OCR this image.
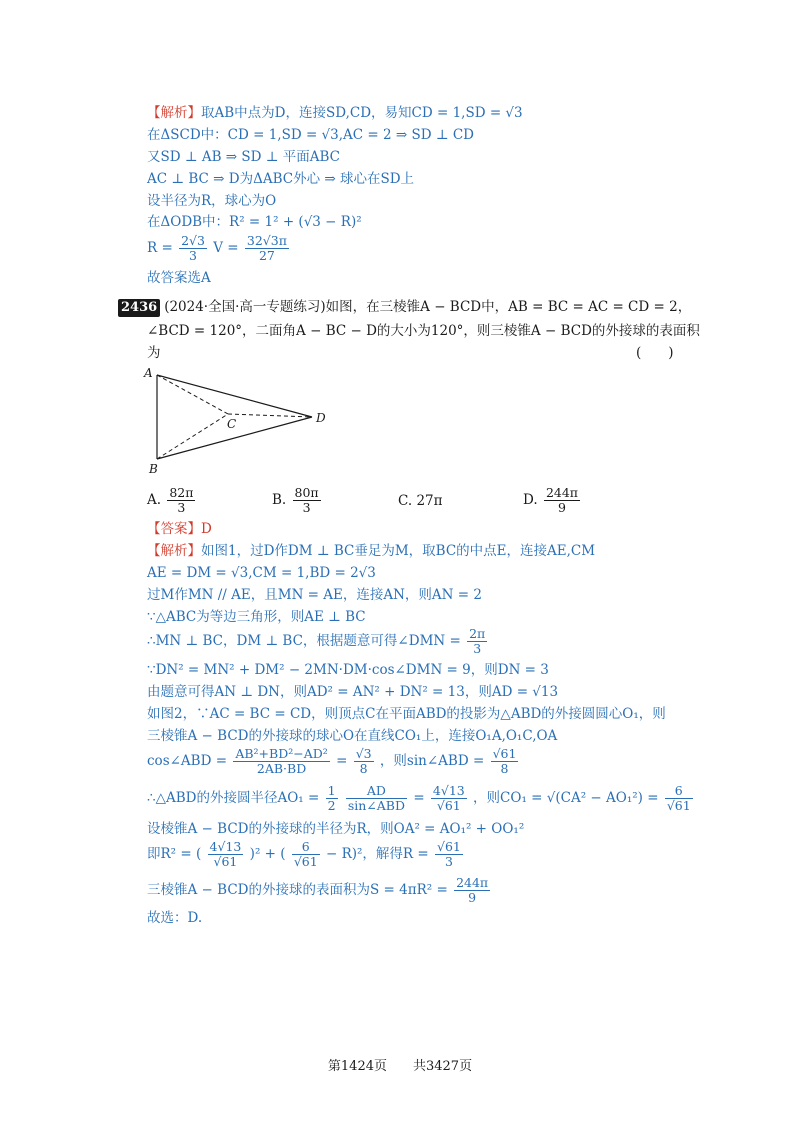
【解析】取AB中点为D，连接SD,CD，易知CD = 1,SD = √3
在ΔSCD中：CD = 1,SD = √3,AC = 2 ⇒ SD ⊥ CD
又SD ⊥ AB ⇒ SD ⊥ 平面ABC
AC ⊥ BC ⇒ D为ΔABC外心 ⇒ 球心在SD上
设半径为R，球心为O
在ΔODB中：R² = 1² + (√3 − R)²
$R = \frac{2√3}{3}$ $V = \frac{32√3\pi}{27}$
故答案选A
2436 (2024·全国·高一专题练习)如图，在三棱锥A − BCD中，AB = BC = AC = CD = 2，
∠BCD = 120°，二面角A − BC − D的大小为120°，则三棱锥A − BCD的外接球的表面积
为	(　　)
A
B
C	D
A. $\frac{82\pi}{3}$	B. $\frac{80\pi}{3}$	C. 27π	D. $\frac{244\pi}{9}$
【答案】D
【解析】如图1，过D作DM ⊥ BC垂足为M，取BC的中点E，连接AE,CM
AE = DM = √3,CM = 1,BD = 2√3
过M作MN // AE，且MN = AE，连接AN，则AN = 2
∵△ABC为等边三角形，则AE ⊥ BC
∴MN ⊥ BC，DM ⊥ BC，根据题意可得∠DMN = $\frac{2\pi}{3}$
∵DN² = MN² + DM² − 2MN·DM·cos∠DMN = 9，则DN = 3
由题意可得AN ⊥ DN，则AD² = AN² + DN² = 13，则AD = √13
如图2，∵AC = BC = CD，则顶点C在平面ABD的投影为△ABD的外接圆圆心O₁，则
三棱锥A − BCD的外接球的球心O在直线CO₁上，连接O₁A,O₁C,OA
cos∠ABD = $\frac{\text{AB²+BD²−AD²}}{2AB\cdot BD} = \frac{√3}{8}$ ，则sin∠ABD = $\frac{√61}{8}$
∴△ABD的外接圆半径$AO_1 = \frac{1}{2}$
$\frac{AD}{\text{sin∠ABD}} = \frac{4√13}{√61}$ ，则$CO_1 = √(CA^2 - AO_1^2) = \frac{6}{√61}$
设棱锥A − BCD的外接球的半径为R，则OA² = AO₁² + OO₁²
即R² = ( $\frac{4√13}{√61} )^2$ + ( $\frac{6}{√61} - R)^2$，解得$R = \frac{√61}{3}$
三棱锥A − BCD的外接球的表面积为$S = 4\pi R^2 = \frac{244\pi}{9}$
故选：D.
第1424页　　共3427页
